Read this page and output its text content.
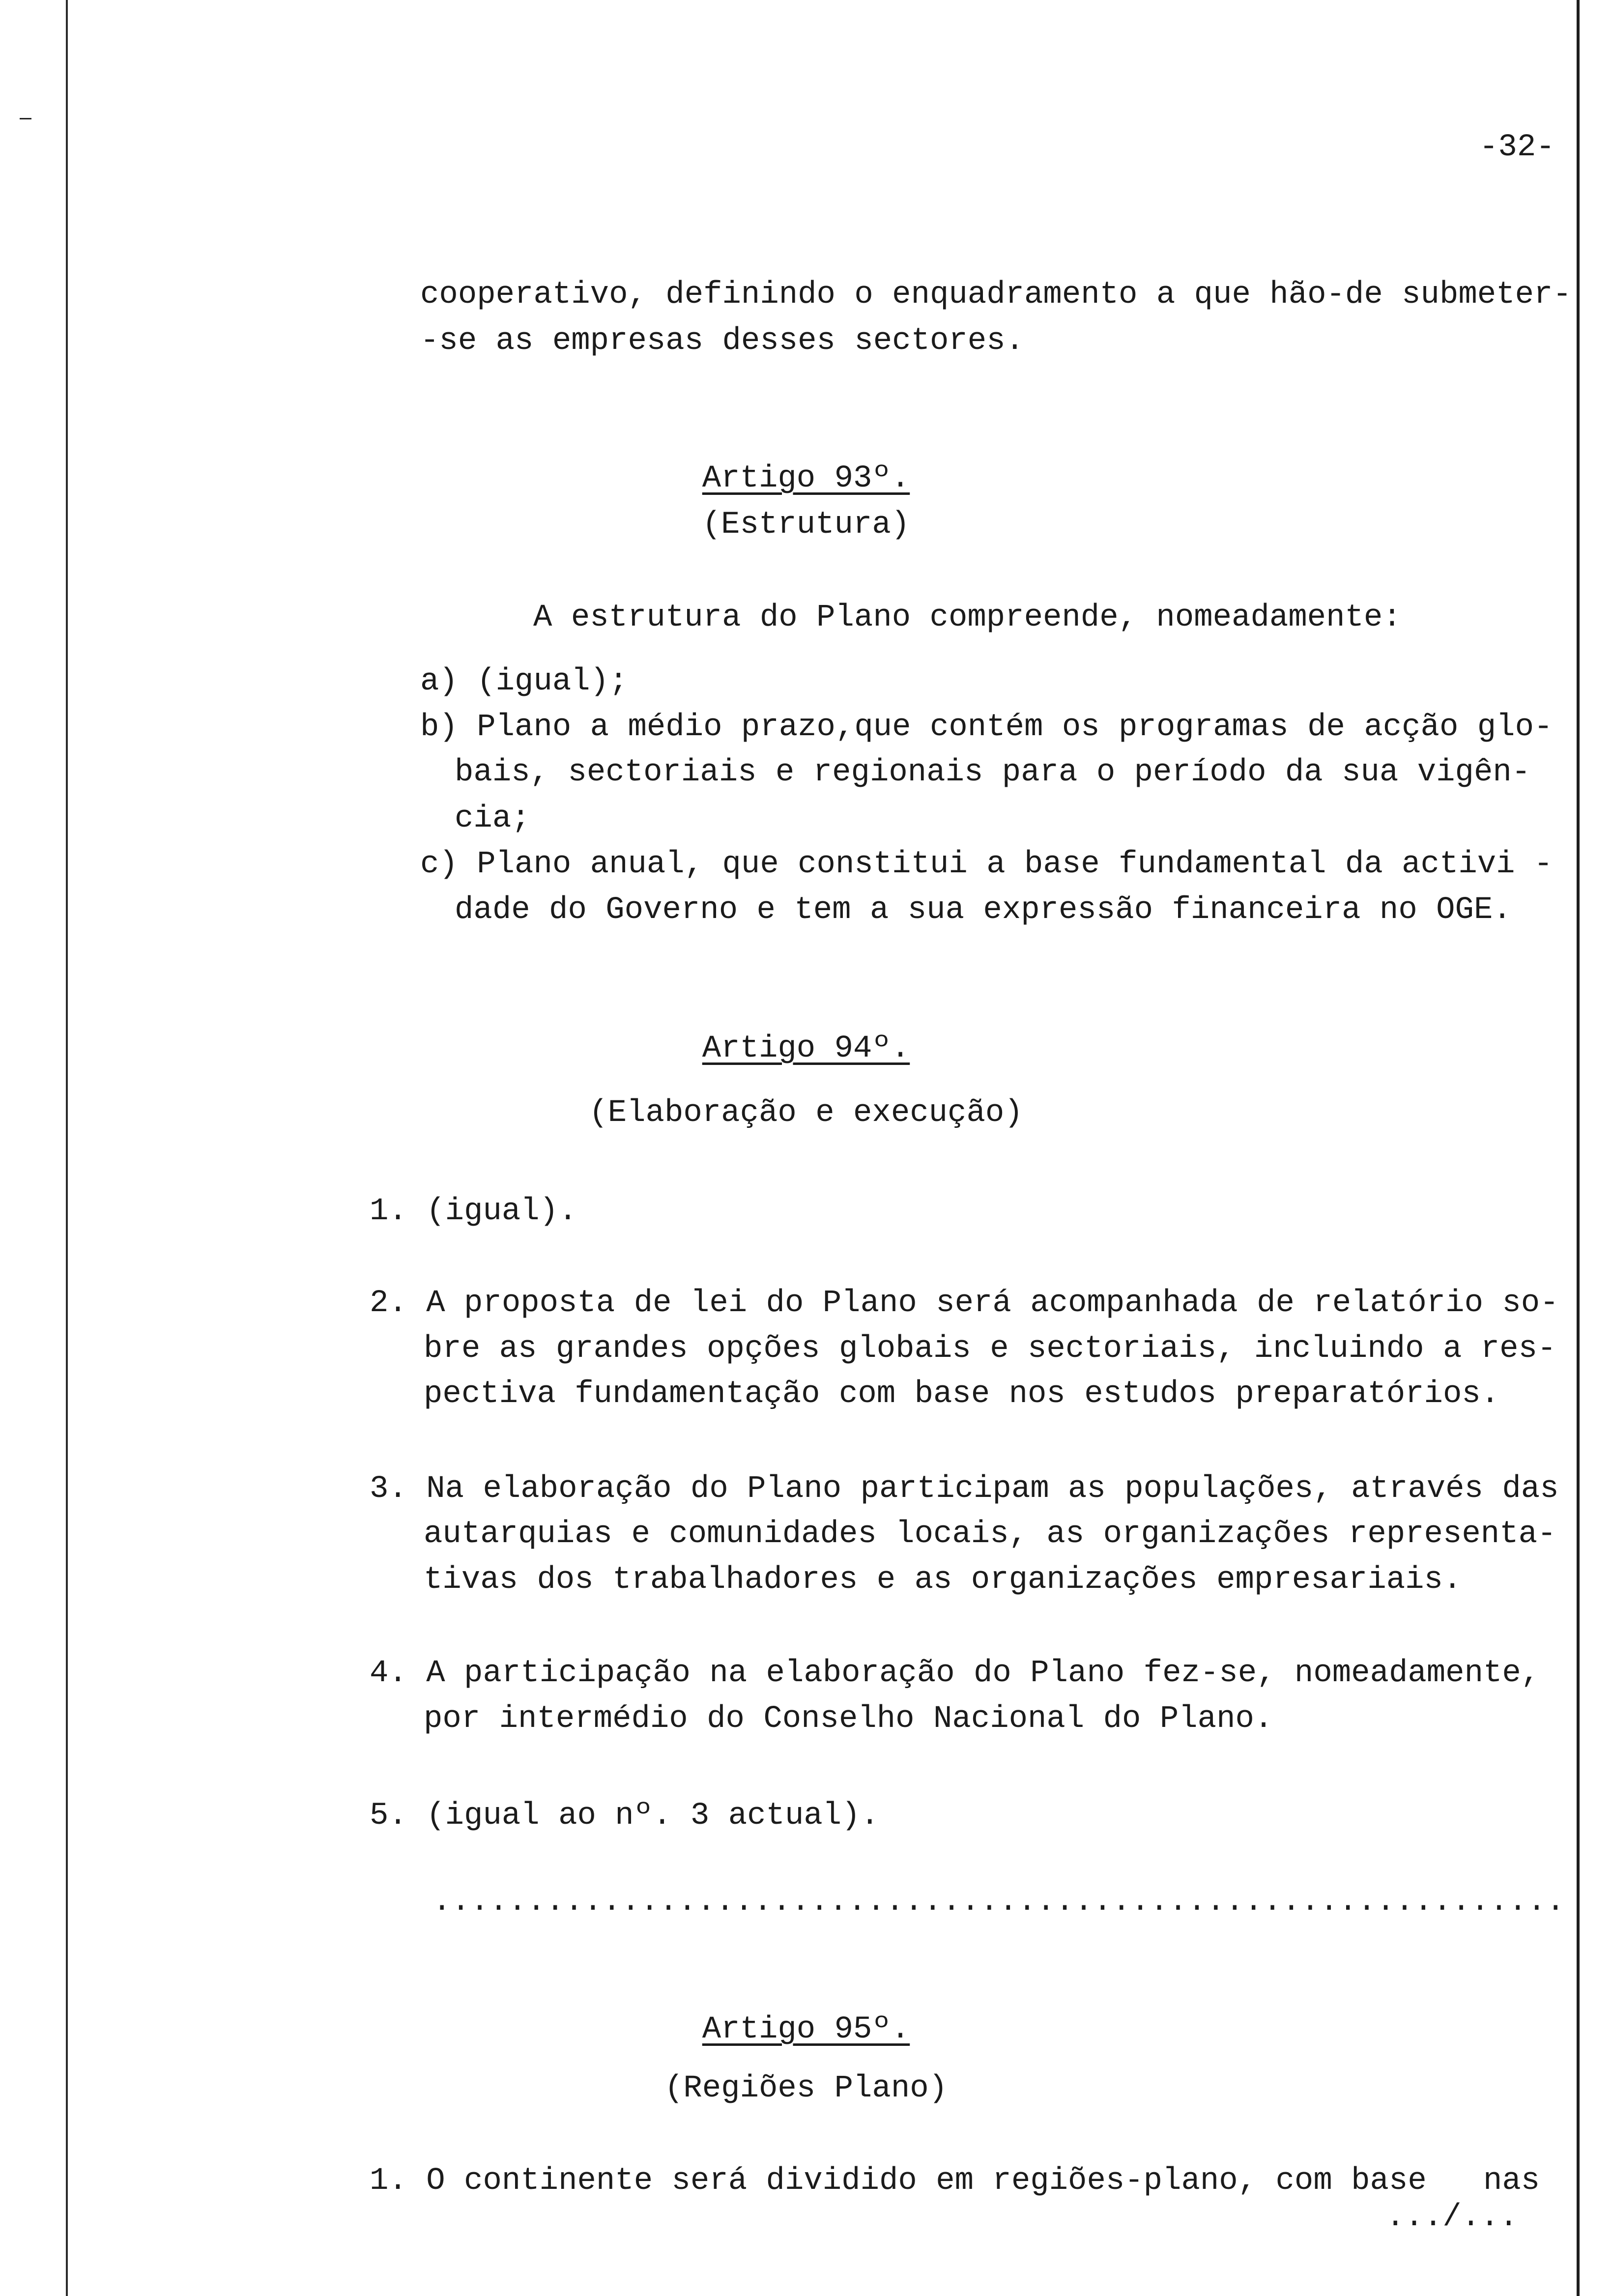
-32-
cooperativo, definindo o enquadramento a que hão-de submeter-
-se as empresas desses sectores.
Artigo 93º.
(Estrutura)
A estrutura do Plano compreende, nomeadamente:
a) (igual);
b) Plano a médio prazo,que contém os programas de acção glo-
bais, sectoriais e regionais para o período da sua vigên-
cia;
c) Plano anual, que constitui a base fundamental da activi -
dade do Governo e tem a sua expressão financeira no OGE.
Artigo 94º.
(Elaboração e execução)
1. (igual).
2. A proposta de lei do Plano será acompanhada de relatório so-
bre as grandes opções globais e sectoriais, incluindo a res-
pectiva fundamentação com base nos estudos preparatórios.
3. Na elaboração do Plano participam as populações, através das
autarquias e comunidades locais, as organizações representa-
tivas dos trabalhadores e as organizações empresariais.
4. A participação na elaboração do Plano fez-se, nomeadamente,
por intermédio do Conselho Nacional do Plano.
5. (igual ao nº. 3 actual).
............................................................
Artigo 95º.
(Regiões Plano)
1. O continente será dividido em regiões-plano, com base   nas
.../...
